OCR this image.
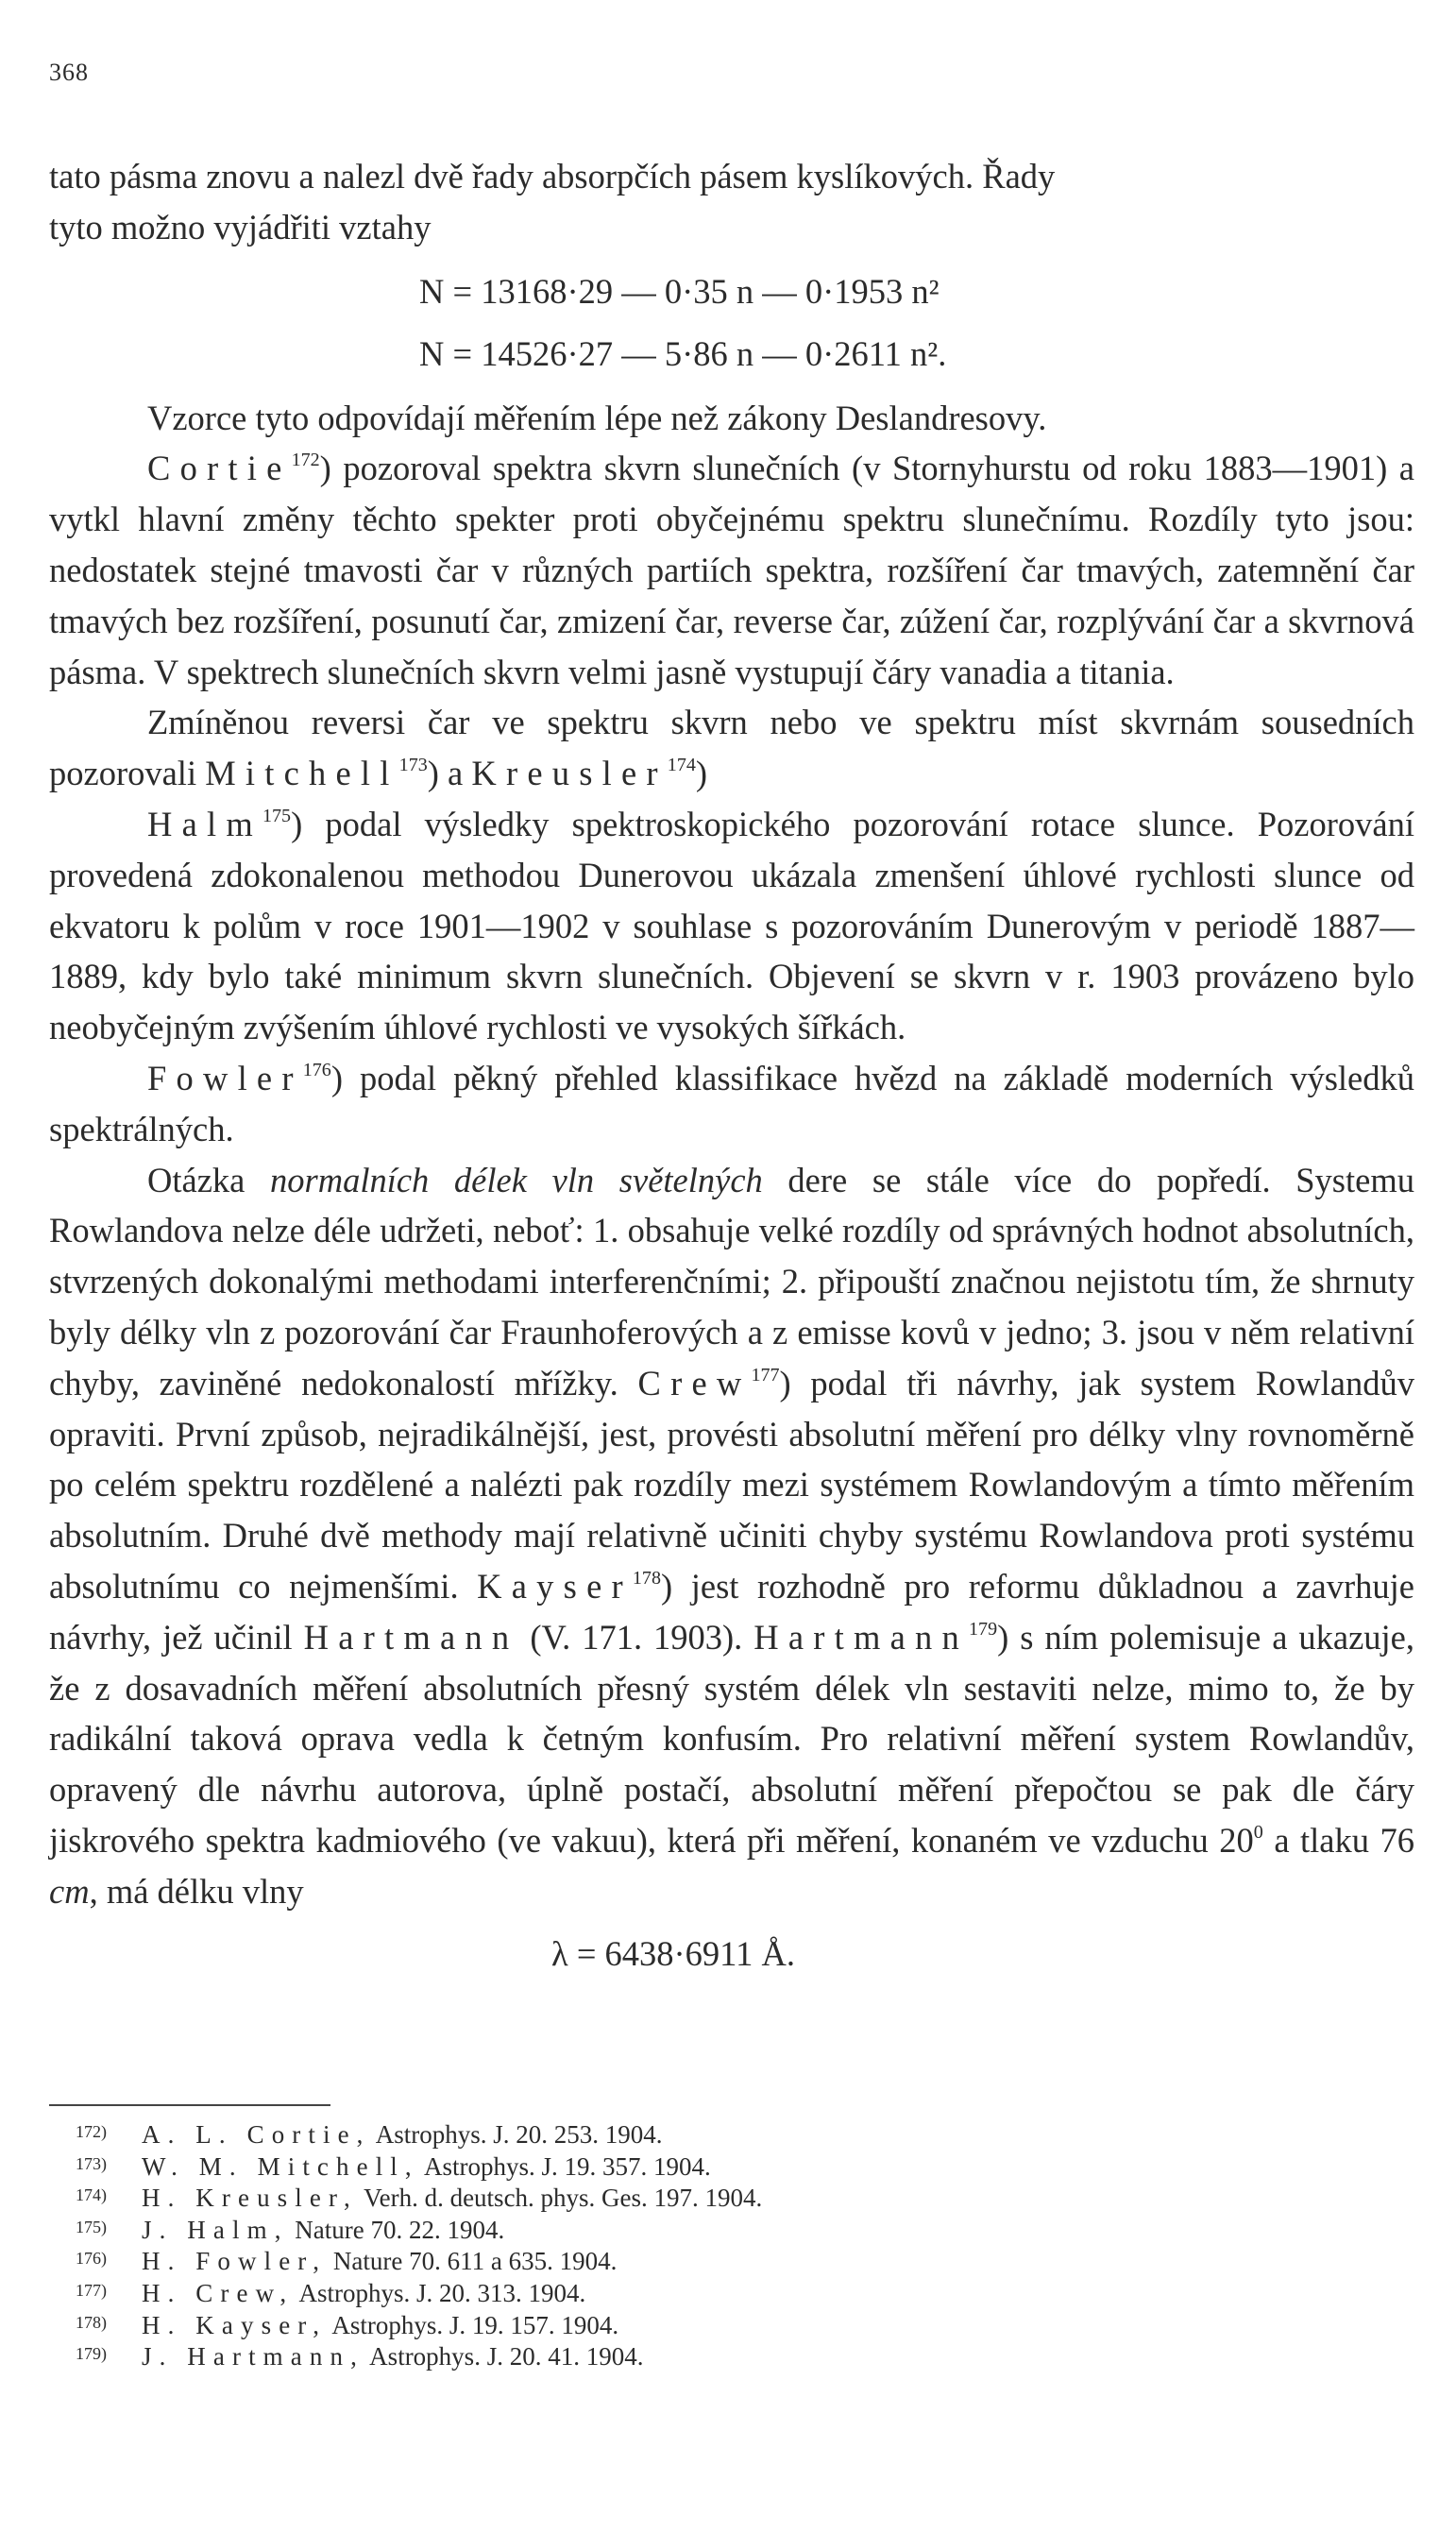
368

tato pásma znovu a nalezl dvě řady absorpčích pásem kyslíkových. Řady
tyto možno vyjádřiti vztahy

N = 13168·29 — 0·35 n — 0·1953 n²

N = 14526·27 — 5·86 n — 0·2611 n².

Vzorce tyto odpovídají měřením lépe než zákony Deslandresovy.

Cortie$^{172}$) pozoroval spektra skvrn slunečních (v Stornyhurstu od roku 1883—1901) a vytkl hlavní změny těchto spekter proti obyčejnému spektru slunečnímu. Rozdíly tyto jsou: nedostatek stejné tmavosti čar v různých partiích spektra, rozšíření čar tmavých, zatemnění čar tmavých bez rozšíření, posunutí čar, zmizení čar, reverse čar, zúžení čar, rozplývání čar a skvrnová pásma. V spektrech slunečních skvrn velmi jasně vystupují čáry vanadia a titania.

Zmíněnou reversi čar ve spektru skvrn nebo ve spektru míst skvrnám sousedních pozorovali Mitchell$^{173}$) a Kreusler$^{174}$)

Halm$^{175}$) podal výsledky spektroskopického pozorování rotace slunce. Pozorování provedená zdokonalenou methodou Dunerovou ukázala zmenšení úhlové rychlosti slunce od ekvatoru k polům v roce 1901—1902 v souhlase s pozorováním Dunerovým v periodě 1887—1889, kdy bylo také minimum skvrn slunečních. Objevení se skvrn v r. 1903 provázeno bylo neobyčejným zvýšením úhlové rychlosti ve vysokých šířkách.

Fowler$^{176}$) podal pěkný přehled klassifikace hvězd na základě moderních výsledků spektrálných.

Otázka normalních délek vln světelných dere se stále více do popředí. Systemu Rowlandova nelze déle udržeti, neboť: 1. obsahuje velké rozdíly od správných hodnot absolutních, stvrzených dokonalými methodami interferenčními; 2. připouští značnou nejistotu tím, že shrnuty byly délky vln z pozorování čar Fraunhoferových a z emisse kovů v jedno; 3. jsou v něm relativní chyby, zaviněné nedokonalostí mřížky. Crew$^{177}$) podal tři návrhy, jak system Rowlandův opraviti. První způsob, nejradikálnější, jest, provésti absolutní měření pro délky vlny rovnoměrně po celém spektru rozdělené a nalézti pak rozdíly mezi systémem Rowlandovým a tímto měřením absolutním. Druhé dvě methody mají relativně učiniti chyby systému Rowlandova proti systému absolutnímu co nejmenšími. Kayser$^{178}$) jest rozhodně pro reformu důkladnou a zavrhuje návrhy, jež učinil Hartmann (V. 171. 1903). Hartmann$^{179}$) s ním polemisuje a ukazuje, že z dosavadních měření absolutních přesný systém délek vln sestaviti nelze, mimo to, že by radikální taková oprava vedla k četným konfusím. Pro relativní měření system Rowlandův, opravený dle návrhu autorova, úplně postačí, absolutní měření přepočtou se pak dle čáry jiskrového spektra kadmiového (ve vakuu), která při měření, konaném ve vzduchu 20$^0$ a tlaku 76 cm, má délku vlny

λ = 6438·6911 Å.

172) A. L. Cortie, Astrophys. J. 20. 253. 1904.

173) W. M. Mitchell, Astrophys. J. 19. 357. 1904.

174) H. Kreusler, Verh. d. deutsch. phys. Ges. 197. 1904.

175) J. Halm, Nature 70. 22. 1904.

176) H. Fowler, Nature 70. 611 a 635. 1904.

177) H. Crew, Astrophys. J. 20. 313. 1904.

178) H. Kayser, Astrophys. J. 19. 157. 1904.

179) J. Hartmann, Astrophys. J. 20. 41. 1904.
